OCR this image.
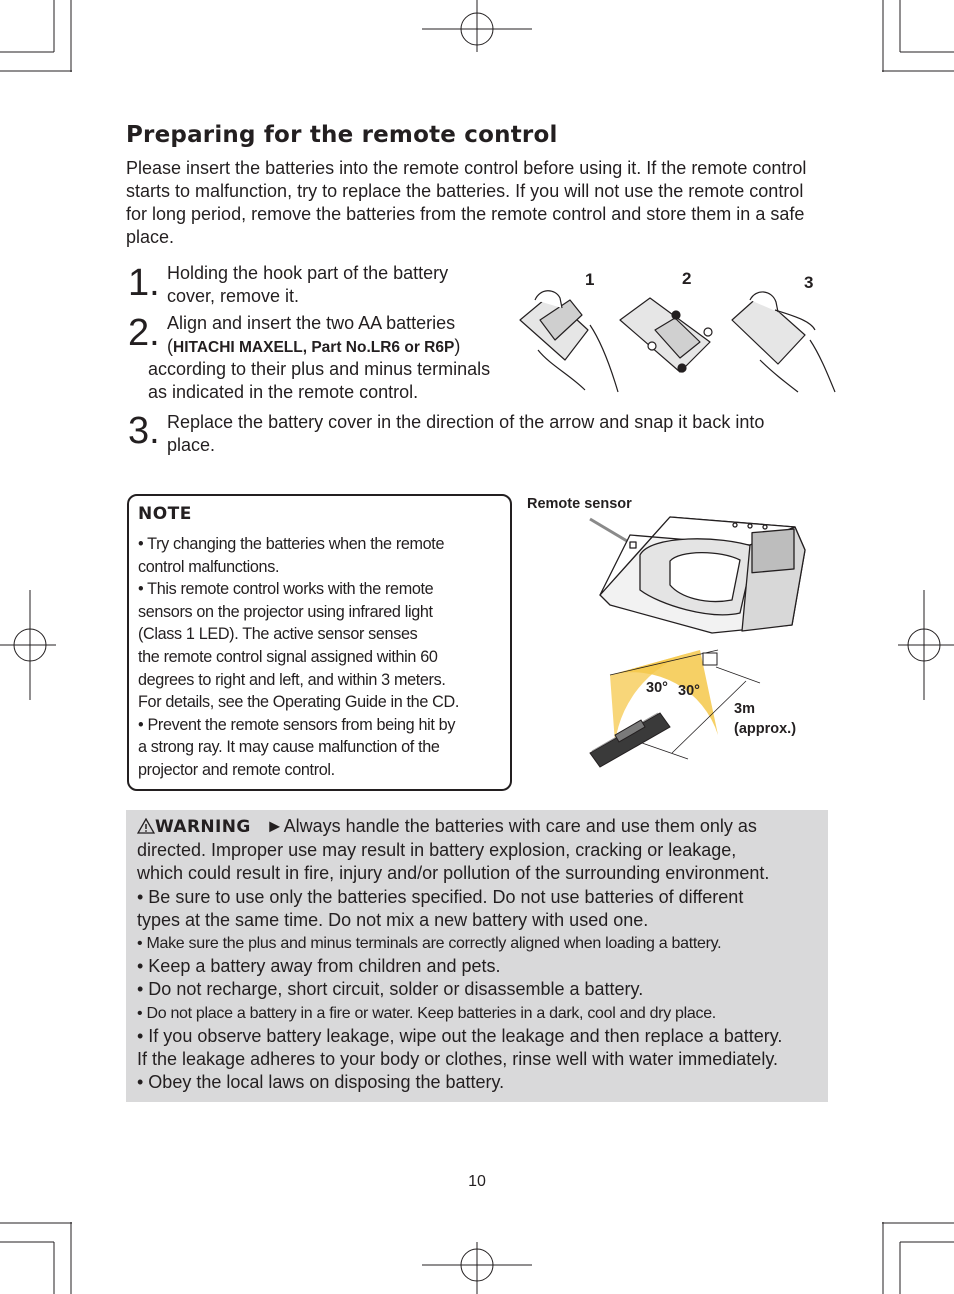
Preparing for the remote control
Please insert the batteries into the remote control before using it. If the remote control starts to malfunction, try to replace the batteries. If you will not use the remote control for long period, remove the batteries from the remote control and store them in a safe place.
1. Holding the hook part of the battery
cover, remove it.
2. Align and insert the two AA batteries
(HITACHI MAXELL, Part No.LR6 or R6P)
according to their plus and minus terminals
as indicated in the remote control.
3. Replace the battery cover in the direction of the arrow and snap it back into
place.
1	2	3
NOTE
• Try changing the batteries when the remote
control malfunctions.
• This remote control works with the remote
sensors on the projector using infrared light
(Class 1 LED). The active sensor senses
the remote control signal assigned within 60
degrees to right and left, and within 3 meters.
For details, see the Operating Guide in the CD.
• Prevent the remote sensors from being hit by
a strong ray. It may cause malfunction of the
projector and remote control.
Remote sensor
30° 30°
3m
(approx.)
WARNING ►Always handle the batteries with care and use them only as
directed. Improper use may result in battery explosion, cracking or leakage,
which could result in fire, injury and/or pollution of the surrounding environment.
• Be sure to use only the batteries specified. Do not use batteries of different
types at the same time. Do not mix a new battery with used one.
• Make sure the plus and minus terminals are correctly aligned when loading a battery.
• Keep a battery away from children and pets.
• Do not recharge, short circuit, solder or disassemble a battery.
• Do not place a battery in a fire or water. Keep batteries in a dark, cool and dry place.
• If you observe battery leakage, wipe out the leakage and then replace a battery.
If the leakage adheres to your body or clothes, rinse well with water immediately.
• Obey the local laws on disposing the battery.
10
